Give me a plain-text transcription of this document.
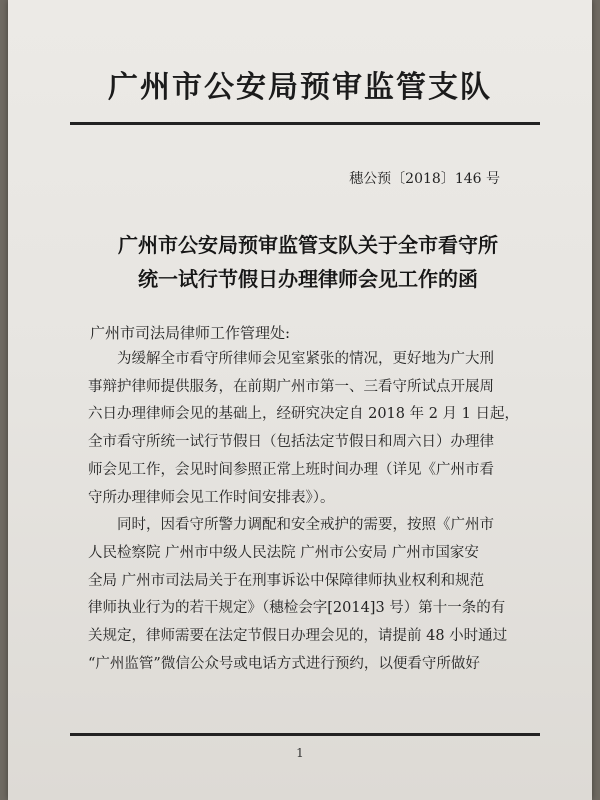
广州市公安局预审监管支队
穗公预〔2018〕146 号
广州市公安局预审监管支队关于全市看守所
统一试行节假日办理律师会见工作的函
广州市司法局律师工作管理处:
　　为缓解全市看守所律师会见室紧张的情况，更好地为广大刑
事辩护律师提供服务，在前期广州市第一、三看守所试点开展周
六日办理律师会见的基础上，经研究决定自 2018 年 2 月 1 日起，
全市看守所统一试行节假日（包括法定节假日和周六日）办理律
师会见工作，会见时间参照正常上班时间办理（详见《广州市看
守所办理律师会见工作时间安排表》）。
　　同时，因看守所警力调配和安全戒护的需要，按照《广州市
人民检察院 广州市中级人民法院 广州市公安局 广州市国家安
全局 广州市司法局关于在刑事诉讼中保障律师执业权利和规范
律师执业行为的若干规定》（穗检会字[2014]3 号）第十一条的有
关规定，律师需要在法定节假日办理会见的，请提前 48 小时通过
“广州监管”微信公众号或电话方式进行预约，以便看守所做好
1
